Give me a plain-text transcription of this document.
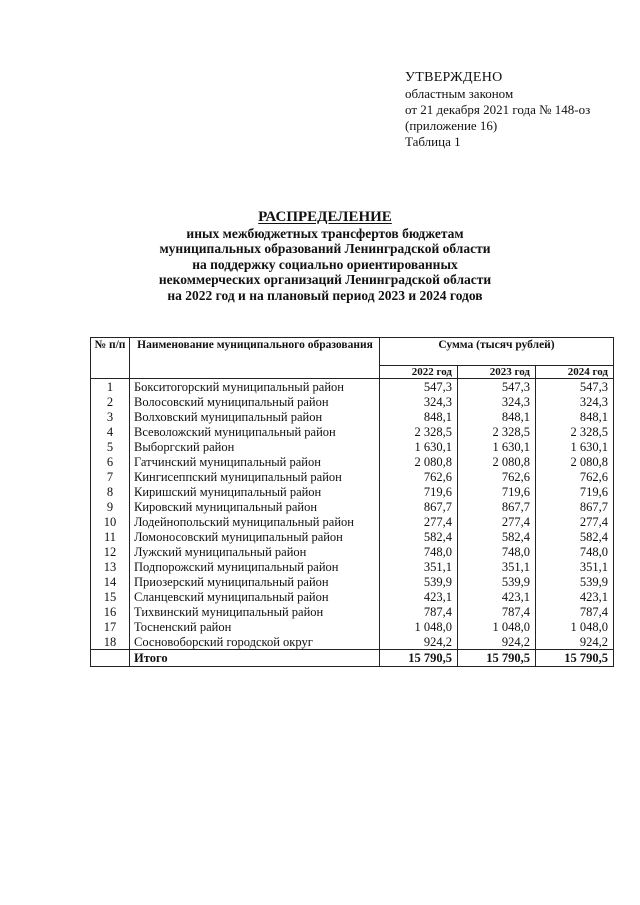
УТВЕРЖДЕНО
областным законом
от 21 декабря 2021 года № 148-оз
(приложение 16)
Таблица 1
РАСПРЕДЕЛЕНИЕ
иных межбюджетных трансфертов бюджетам
муниципальных образований Ленинградской области
на поддержку социально ориентированных
некоммерческих организаций Ленинградской области
на 2022 год и на плановый период 2023 и 2024 годов
№ п/п	Наименование муниципального образования	Сумма (тысяч рублей)		
		2022 год	2023 год	2024 год
1	Бокситогорский муниципальный район	547,3	547,3	547,3
2	Волосовский муниципальный район	324,3	324,3	324,3
3	Волховский муниципальный район	848,1	848,1	848,1
4	Всеволожский муниципальный район	2 328,5	2 328,5	2 328,5
5	Выборгский район	1 630,1	1 630,1	1 630,1
6	Гатчинский муниципальный район	2 080,8	2 080,8	2 080,8
7	Кингисеппский муниципальный район	762,6	762,6	762,6
8	Киришский муниципальный район	719,6	719,6	719,6
9	Кировский муниципальный район	867,7	867,7	867,7
10	Лодейнопольский муниципальный район	277,4	277,4	277,4
11	Ломоносовский муниципальный район	582,4	582,4	582,4
12	Лужский муниципальный район	748,0	748,0	748,0
13	Подпорожский муниципальный район	351,1	351,1	351,1
14	Приозерский муниципальный район	539,9	539,9	539,9
15	Сланцевский муниципальный район	423,1	423,1	423,1
16	Тихвинский муниципальный район	787,4	787,4	787,4
17	Тосненский район	1 048,0	1 048,0	1 048,0
18	Сосновоборский городской округ	924,2	924,2	924,2
	Итого	15 790,5	15 790,5	15 790,5
